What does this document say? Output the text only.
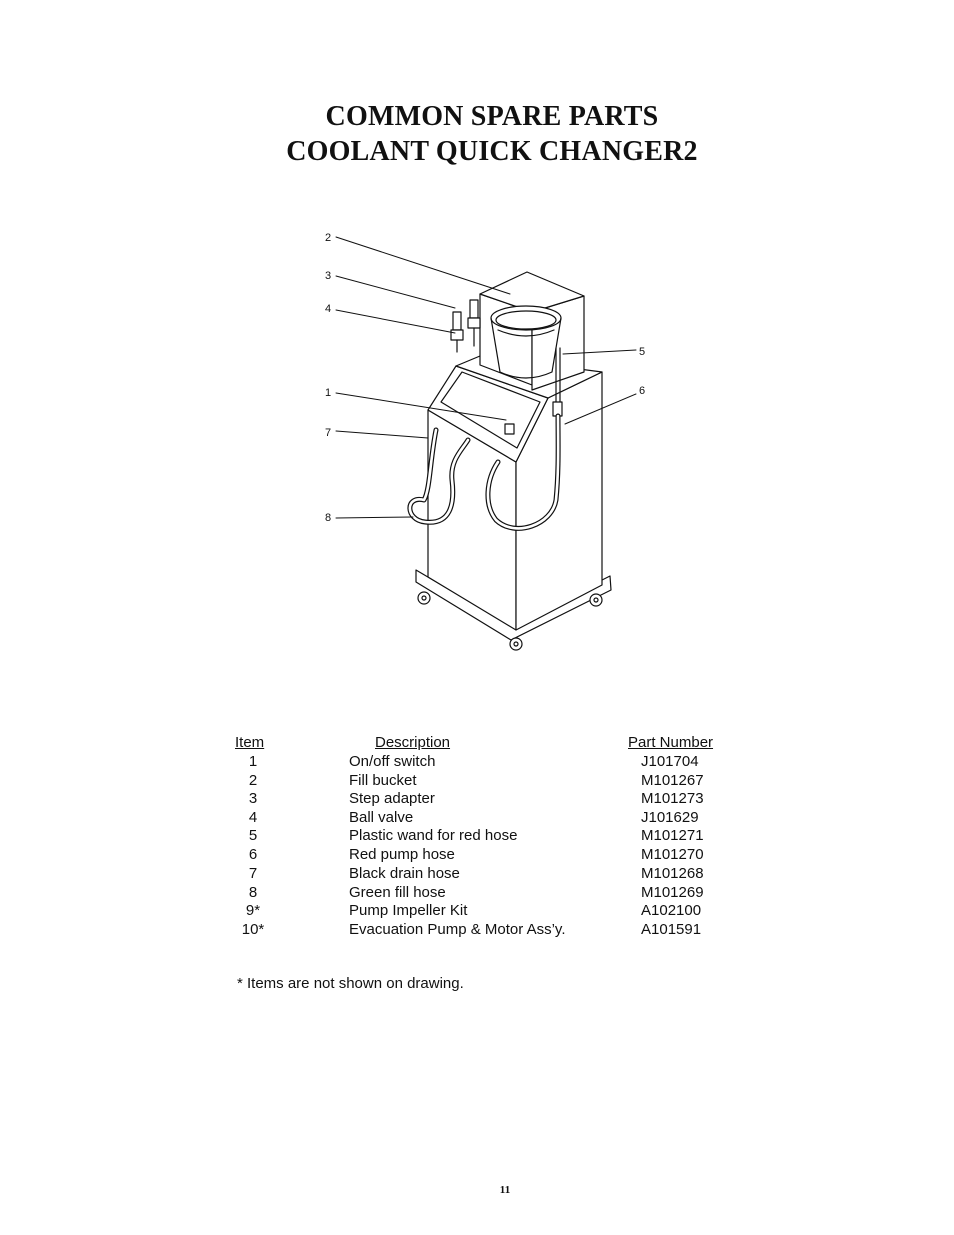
COMMON SPARE PARTS
COOLANT QUICK CHANGER2
2
3
4
1
7
8
5
6
Item	Description	Part Number
1	On/off switch	J101704
2	Fill bucket	M101267
3	Step adapter	M101273
4	Ball valve	J101629
5	Plastic wand for red hose	M101271
6	Red pump hose	M101270
7	Black drain hose	M101268
8	Green fill hose	M101269
9*	Pump Impeller Kit	A102100
10*	Evacuation Pump & Motor Ass’y.	A101591
* Items are not shown on drawing.
11
